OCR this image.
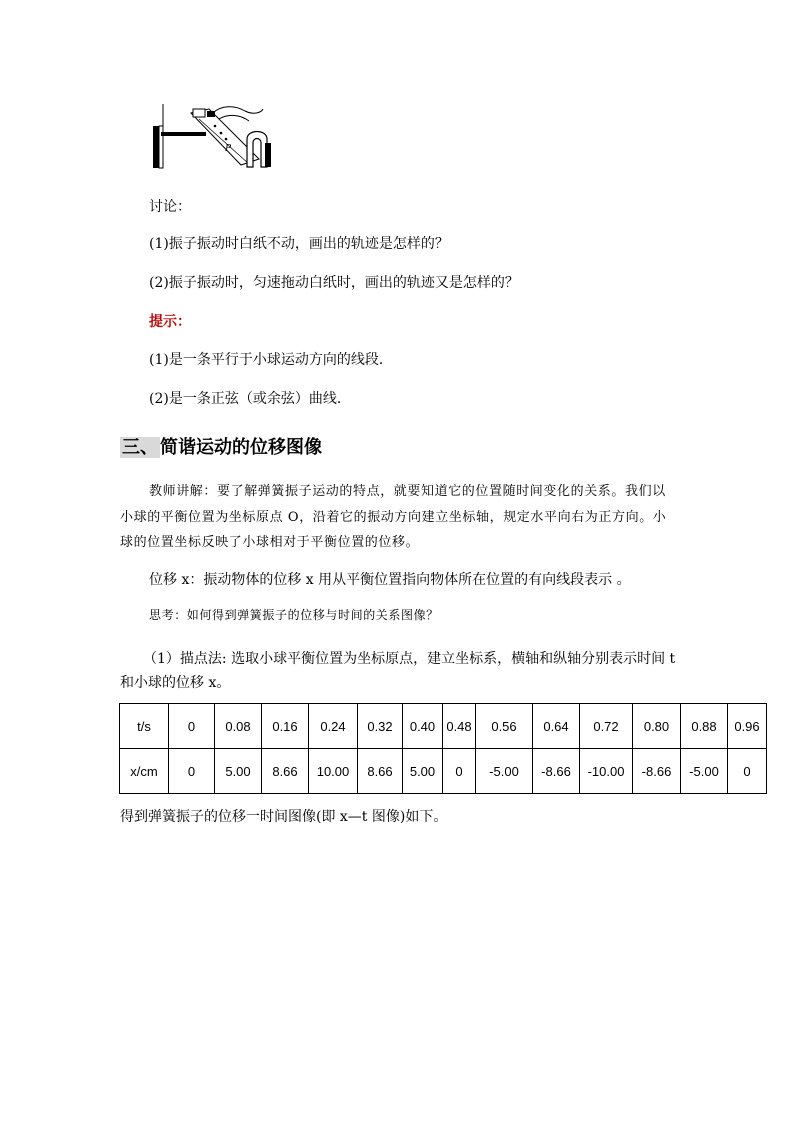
P
讨论：
(1)振子振动时白纸不动，画出的轨迹是怎样的？
(2)振子振动时，匀速拖动白纸时，画出的轨迹又是怎样的？
提示：
(1)是一条平行于小球运动方向的线段．
(2)是一条正弦（或余弦）曲线．
三、 简谐运动的位移图像
教师讲解：要了解弹簧振子运动的特点，就要知道它的位置随时间变化的关系。我们以
小球的平衡位置为坐标原点 O，沿着它的振动方向建立坐标轴，规定水平向右为正方向。小
球的位置坐标反映了小球相对于平衡位置的位移。
位移 x：振动物体的位移 x 用从平衡位置指向物体所在位置的有向线段表示 。
思考：如何得到弹簧振子的位移与时间的关系图像？
（1）描点法: 选取小球平衡位置为坐标原点，建立坐标系，横轴和纵轴分别表示时间 t
和小球的位移 x。
t/s	0	0.08	0.16	0.24	0.32	0.40	0.48	0.56	0.64	0.72	0.80	0.88	0.96
x/cm	0	5.00	8.66	10.00	8.66	5.00	0	-5.00	-8.66	-10.00	-8.66	-5.00	0
得到弹簧振子的位移一时间图像(即 x—t 图像)如下。
